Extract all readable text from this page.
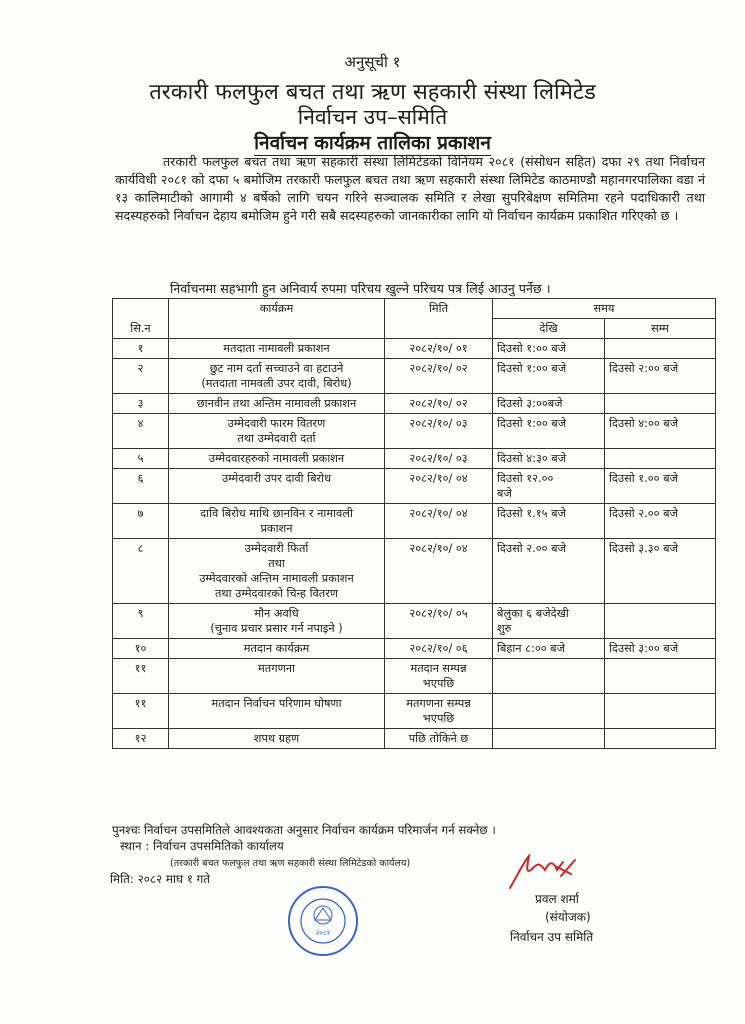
अनुसूची १
तरकारी फलफुल बचत तथा ऋण सहकारी संस्था लिमिटेड
निर्वाचन उप–समिति
निर्वाचन कार्यक्रम तालिका प्रकाशन
तरकारी फलफुल बचत तथा ऋण सहकारी संस्था लिमिटेडको विनियम २०८१ (संसोधन सहित) दफा २९ तथा निर्वाचन कार्यविधी २०८१ को दफा ५ बमोजिम तरकारी फलफुल बचत तथा ऋण सहकारी संस्था लिमिटेड काठमाण्डौ महानगरपालिका वडा नं १३ कालिमाटीको आगामी ४ बर्षेको लागि चयन गरिने सञ्चालक समिति र लेखा सुपरिबेक्षण समितिमा रहने पदाधिकारी तथा सदस्यहरुको निर्वाचन देहाय बमोजिम हुने गरी सबै सदस्यहरुको जानकारीका लागि यो निर्वाचन कार्यक्रम प्रकाशित गरिएको छ ।
निर्वाचनमा सहभागी हुन अनिवार्य रुपमा परिचय खुल्ने परिचय पत्र लिई आउनु पर्नेछ ।
सि.न	कार्यक्रम	मिति	समय	
			देखि	सम्म
१	मतदाता नामावली प्रकाशन	२०८२/१०/ ०१	दिउसो १:०० बजे	
२	छुट नाम दर्ता सच्चाउने वा हटाउने
(मतदाता नामवली उपर दावी, बिरोध)	२०८२/१०/ ०२	दिउसो १:०० बजे	दिउसो २:०० बजे
३	छानवीन तथा अन्तिम नामावली प्रकाशन	२०८२/१०/ ०२	दिउसो ३:००बजे	
४	उम्मेदवारी फारम वितरण
तथा उम्मेदवारी दर्ता	२०८२/१०/ ०३	दिउसो १:०० बजे	दिउसो ४:०० बजे
५	उम्मेदवारहरुको नामावली प्रकाशन	२०८२/१०/ ०३	दिउसो ४:३० बजे	
६	उम्मेदवारी उपर दावी बिरोध	२०८२/१०/ ०४	दिउसो १२.००
बजे	दिउसो १.०० बजे
७	दावि बिरोध माथि छानविन र नामावली
प्रकाशन	२०८२/१०/ ०४	दिउसो १.१५ बजे	दिउसो २.०० बजे
८	उम्मेदवारी फिर्ता
तथा
उम्मेदवारको अन्तिम नामावली प्रकाशन
तथा उम्मेदवारको चिन्ह वितरण	२०८२/१०/ ०४	दिउसो २.०० बजे	दिउसो ३.३० बजे
९	मौन अवधि
(चुनाव प्रचार प्रसार गर्न नपाइने )	२०८२/१०/ ०५	बेलुका ६ बजेदेखी
शुरु	
१०	मतदान कार्यक्रम	२०८२/१०/ ०६	बिहान ८:०० बजे	दिउसो ३:०० बजे
११	मतगणना	मतदान सम्पन्न
भएपछि		
११	मतदान निर्वाचन परिणाम घोषणा	मतगणना सम्पन्न
भएपछि		
१२	शपथ ग्रहण	पछि तोकिने छ		
पुनश्चः निर्वाचन उपसमितिले आवश्यकता अनुसार निर्वाचन कार्यक्रम परिमार्जन गर्न सक्नेछ ।
स्थान : निर्वाचन उपसमितिको कार्यालय
(तरकारी बचत फलफुल तथा ऋण सहकारी संस्था लिमिटेडको कार्यलय)
मिति: २०८२ माघ १ गते
२०८१
प्रवल शर्मा
(संयोजक)
निर्वाचन उप समिति
